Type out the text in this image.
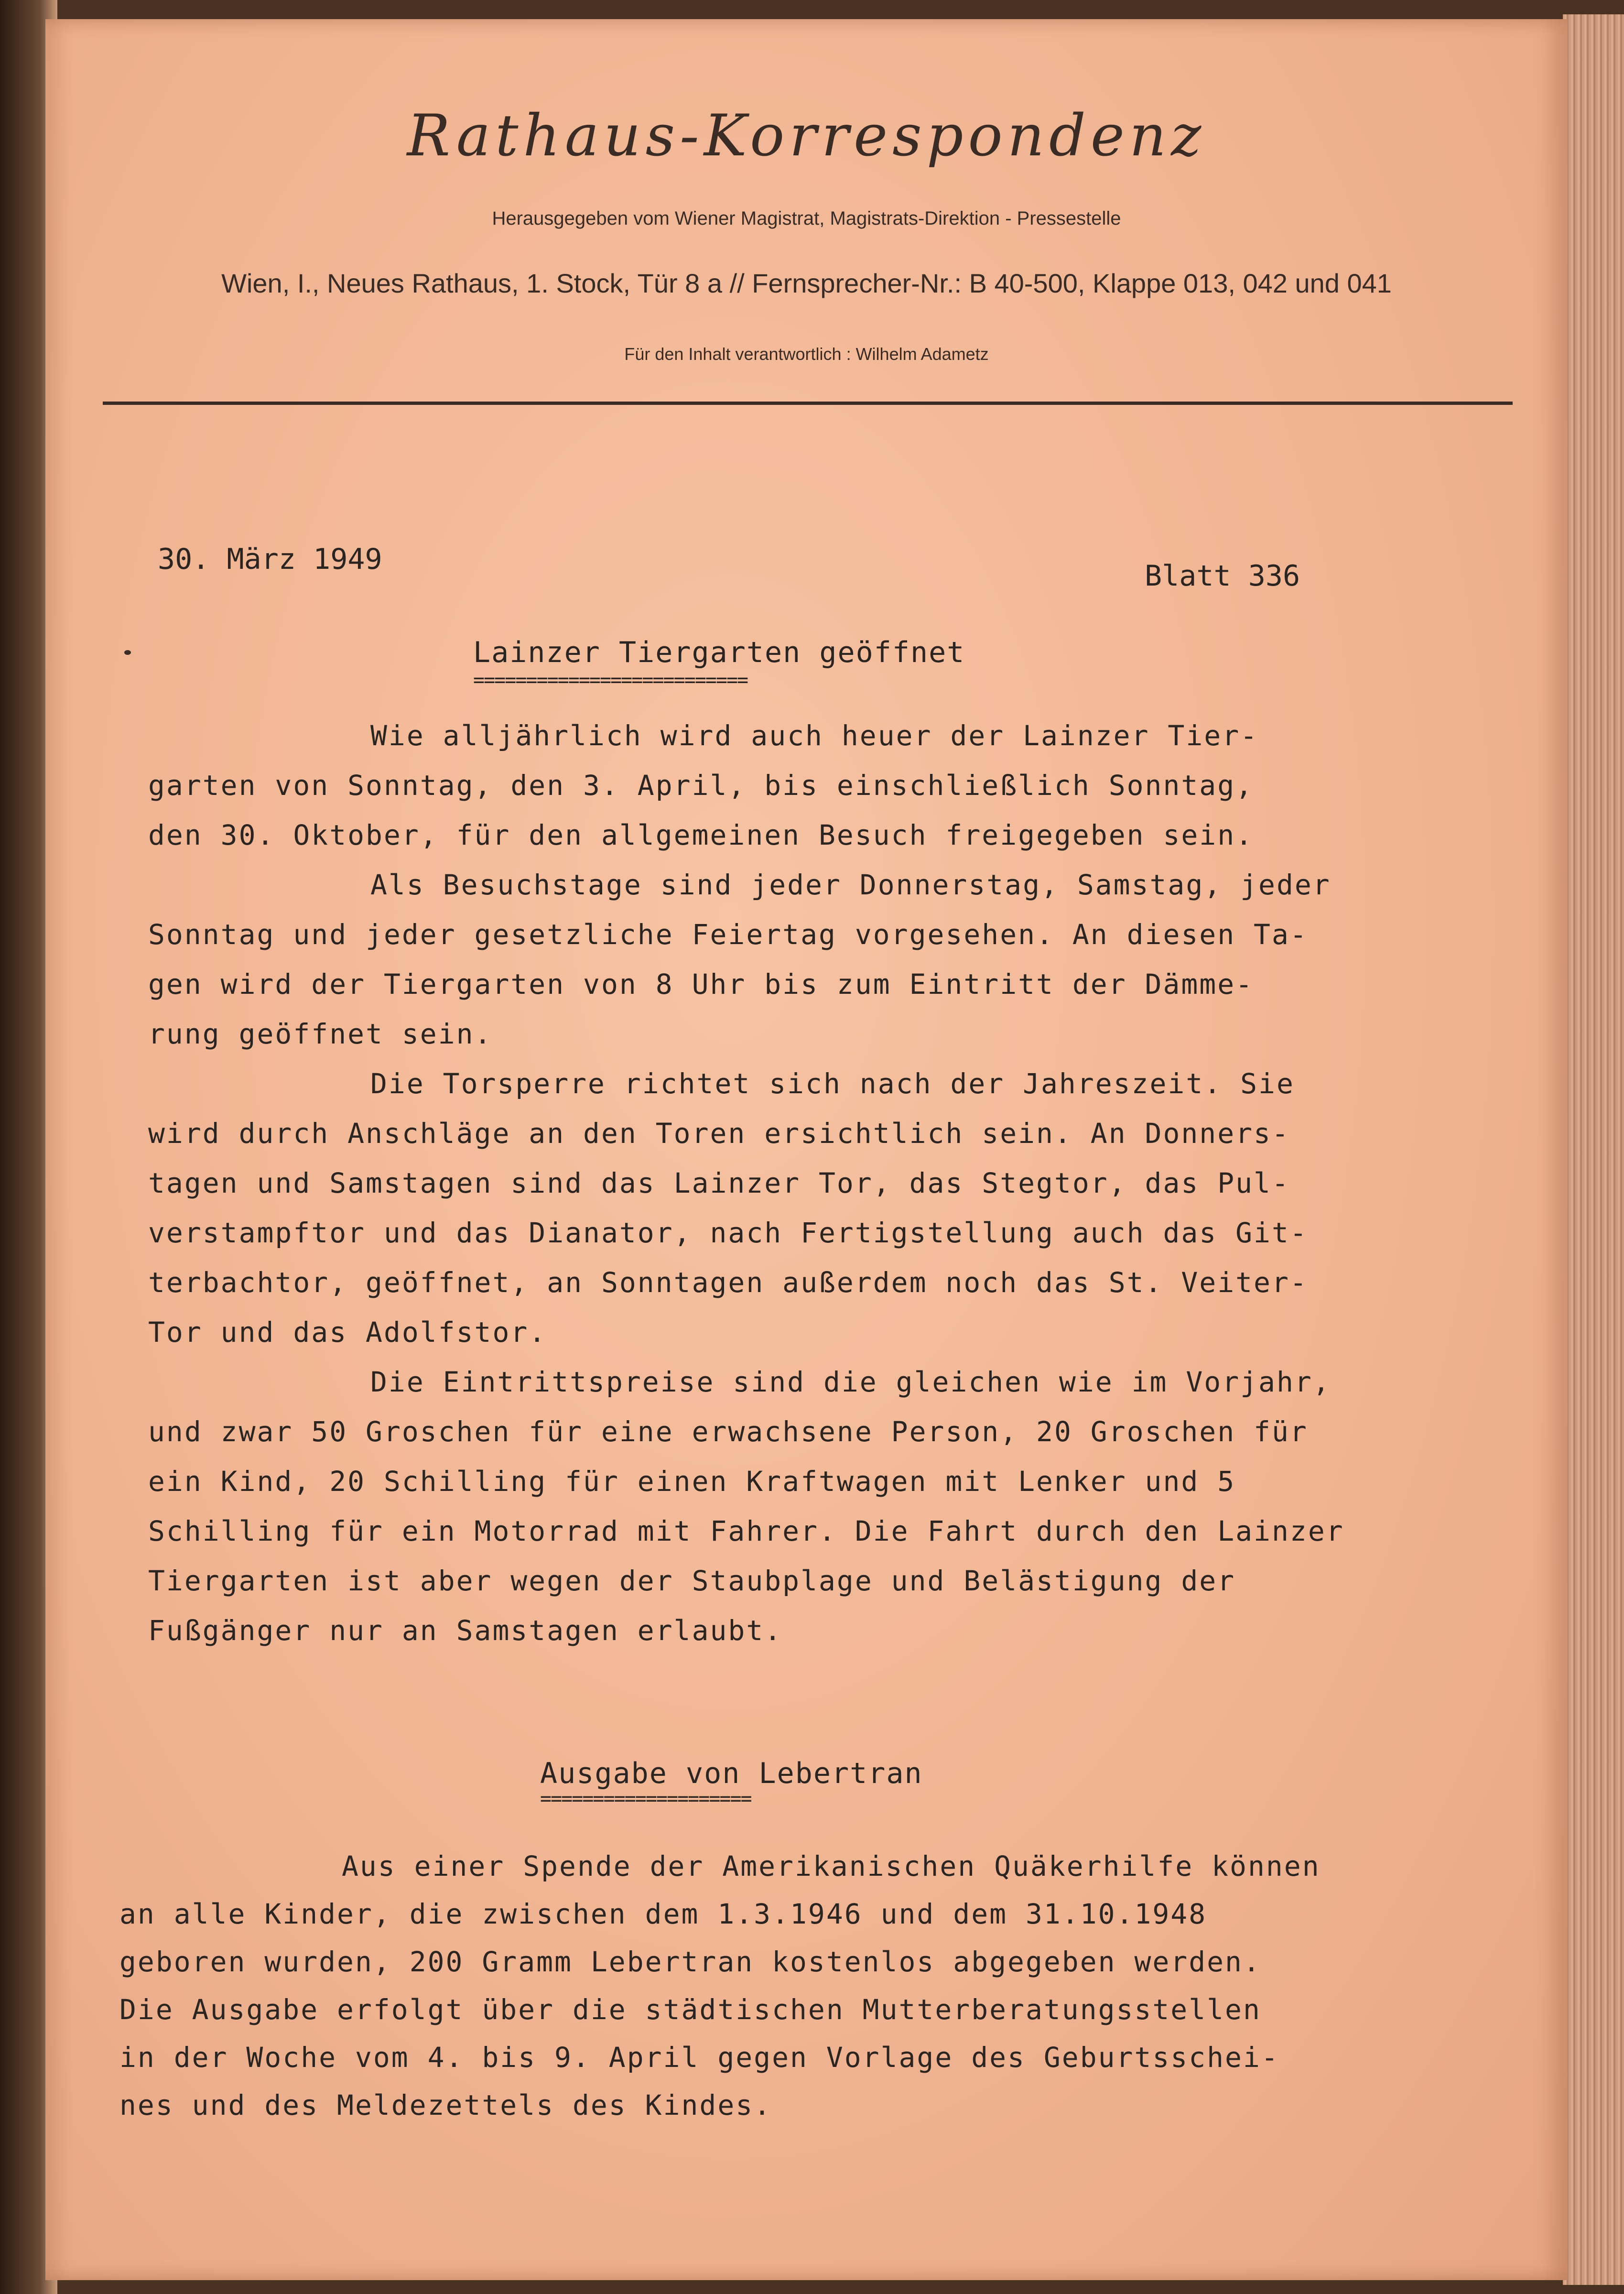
Rathaus-Korrespondenz
Herausgegeben vom Wiener Magistrat, Magistrats-Direktion - Pressestelle
Wien, I., Neues Rathaus, 1. Stock, Tür 8 a // Fernsprecher-Nr.: B 40-500, Klappe 013, 042 und 041
Für den Inhalt verantwortlich : Wilhelm Adametz
30. März 1949	Blatt 336
Lainzer Tiergarten geöffnet
==========================
Wie alljährlich wird auch heuer der Lainzer Tier-
garten von Sonntag, den 3. April, bis einschließlich Sonntag,
den 30. Oktober, für den allgemeinen Besuch freigegeben sein.
Als Besuchstage sind jeder Donnerstag, Samstag, jeder
Sonntag und jeder gesetzliche Feiertag vorgesehen. An diesen Ta-
gen wird der Tiergarten von 8 Uhr bis zum Eintritt der Dämme-
rung geöffnet sein.
Die Torsperre richtet sich nach der Jahreszeit. Sie
wird durch Anschläge an den Toren ersichtlich sein. An Donners-
tagen und Samstagen sind das Lainzer Tor, das Stegtor, das Pul-
verstampftor und das Dianator, nach Fertigstellung auch das Git-
terbachtor, geöffnet, an Sonntagen außerdem noch das St. Veiter-
Tor und das Adolfstor.
Die Eintrittspreise sind die gleichen wie im Vorjahr,
und zwar 50 Groschen für eine erwachsene Person, 20 Groschen für
ein Kind, 20 Schilling für einen Kraftwagen mit Lenker und 5
Schilling für ein Motorrad mit Fahrer. Die Fahrt durch den Lainzer
Tiergarten ist aber wegen der Staubplage und Belästigung der
Fußgänger nur an Samstagen erlaubt.
Ausgabe von Lebertran
====================
Aus einer Spende der Amerikanischen Quäkerhilfe können
an alle Kinder, die zwischen dem 1.3.1946 und dem 31.10.1948
geboren wurden, 200 Gramm Lebertran kostenlos abgegeben werden.
Die Ausgabe erfolgt über die städtischen Mutterberatungsstellen
in der Woche vom 4. bis 9. April gegen Vorlage des Geburtsschei-
nes und des Meldezettels des Kindes.
